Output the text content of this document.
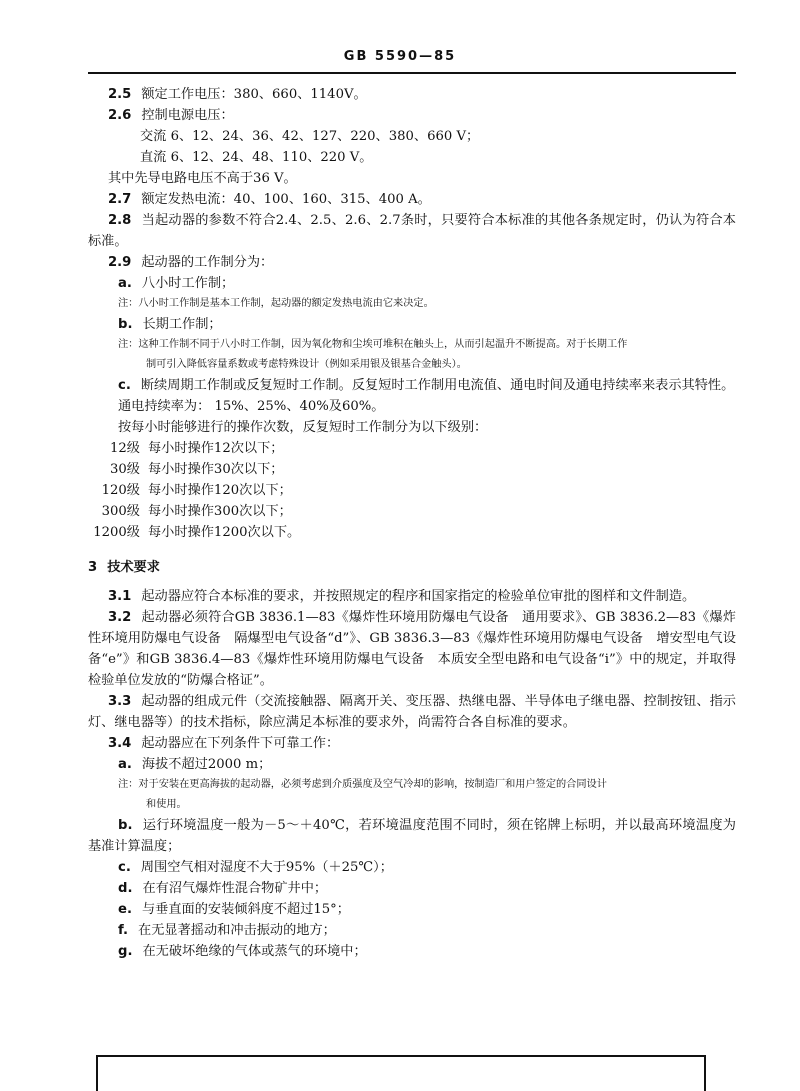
GB 5590—85
2.5 额定工作电压：380、660、1140V。
2.6 控制电源电压：
交流 6、12、24、36、42、127、220、380、660 V；
直流 6、12、24、48、110、220 V。
其中先导电路电压不高于36 V。
2.7 额定发热电流：40、100、160、315、400 A。
2.8 当起动器的参数不符合2.4、2.5、2.6、2.7条时，只要符合本标准的其他各条规定时，仍认为符合本标准。
2.9 起动器的工作制分为：
a. 八小时工作制；
注：八小时工作制是基本工作制，起动器的额定发热电流由它来决定。
b. 长期工作制；
注：这种工作制不同于八小时工作制，因为氧化物和尘埃可堆积在触头上，从而引起温升不断提高。对于长期工作
制可引入降低容量系数或考虑特殊设计（例如采用银及银基合金触头）。
c. 断续周期工作制或反复短时工作制。反复短时工作制用电流值、通电时间及通电持续率来表示其特性。
通电持续率为： 15%、25%、40%及60%。
按每小时能够进行的操作次数，反复短时工作制分为以下级别：
12级 每小时操作12次以下；
30级 每小时操作30次以下；
120级 每小时操作120次以下；
300级 每小时操作300次以下；
1200级 每小时操作1200次以下。
3 技术要求
3.1 起动器应符合本标准的要求，并按照规定的程序和国家指定的检验单位审批的图样和文件制造。
3.2 起动器必须符合GB 3836.1—83《爆炸性环境用防爆电气设备　通用要求》、GB 3836.2—83《爆炸性环境用防爆电气设备　隔爆型电气设备“d”》、GB 3836.3—83《爆炸性环境用防爆电气设备　增安型电气设备“e”》和GB 3836.4—83《爆炸性环境用防爆电气设备　本质安全型电路和电气设备“i”》中的规定，并取得检验单位发放的“防爆合格证”。
3.3 起动器的组成元件（交流接触器、隔离开关、变压器、热继电器、半导体电子继电器、控制按钮、指示灯、继电器等）的技术指标，除应满足本标准的要求外，尚需符合各自标准的要求。
3.4 起动器应在下列条件下可靠工作：
a. 海拔不超过2000 m；
注：对于安装在更高海拔的起动器，必须考虑到介质强度及空气冷却的影响，按制造厂和用户签定的合同设计
和使用。
b. 运行环境温度一般为－5～＋40℃，若环境温度范围不同时，须在铭牌上标明，并以最高环境温度为基准计算温度；
c. 周围空气相对湿度不大于95%（＋25℃）；
d. 在有沼气爆炸性混合物矿井中；
e. 与垂直面的安装倾斜度不超过15°；
f. 在无显著摇动和冲击振动的地方；
g. 在无破坏绝缘的气体或蒸气的环境中；
